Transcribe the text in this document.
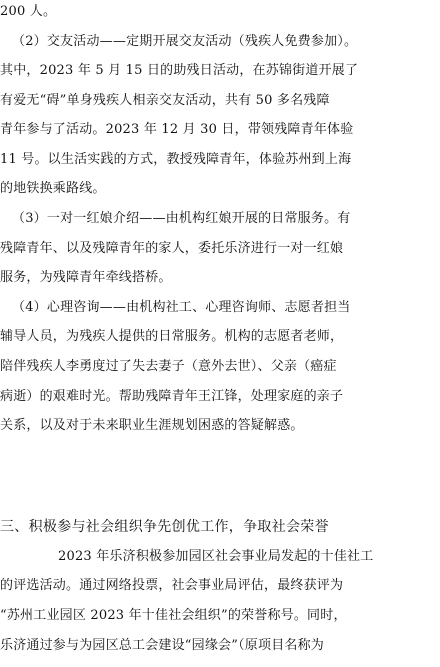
200 人。
（2）交友活动——定期开展交友活动（残疾人免费参加）。
其中，2023 年 5 月 15 日的助残日活动，在苏锦街道开展了
有爱无“碍”单身残疾人相亲交友活动，共有 50 多名残障
青年参与了活动。2023 年 12 月 30 日，带领残障青年体验
11 号。以生活实践的方式，教授残障青年，体验苏州到上海
的地铁换乘路线。
（3）一对一红娘介绍——由机构红娘开展的日常服务。有
残障青年、以及残障青年的家人，委托乐济进行一对一红娘
服务，为残障青年牵线搭桥。
（4）心理咨询——由机构社工、心理咨询师、志愿者担当
辅导人员，为残疾人提供的日常服务。机构的志愿者老师，
陪伴残疾人李勇度过了失去妻子（意外去世）、父亲（癌症
病逝）的艰难时光。帮助残障青年王江锋，处理家庭的亲子
关系，以及对于未来职业生涯规划困惑的答疑解惑。
三、积极参与社会组织争先创优工作，争取社会荣誉
2023 年乐济积极参加园区社会事业局发起的十佳社工
的评选活动。通过网络投票，社会事业局评估，最终获评为
“苏州工业园区 2023 年十佳社会组织”的荣誉称号。同时，
乐济通过参与为园区总工会建设“园缘会”（原项目名称为
